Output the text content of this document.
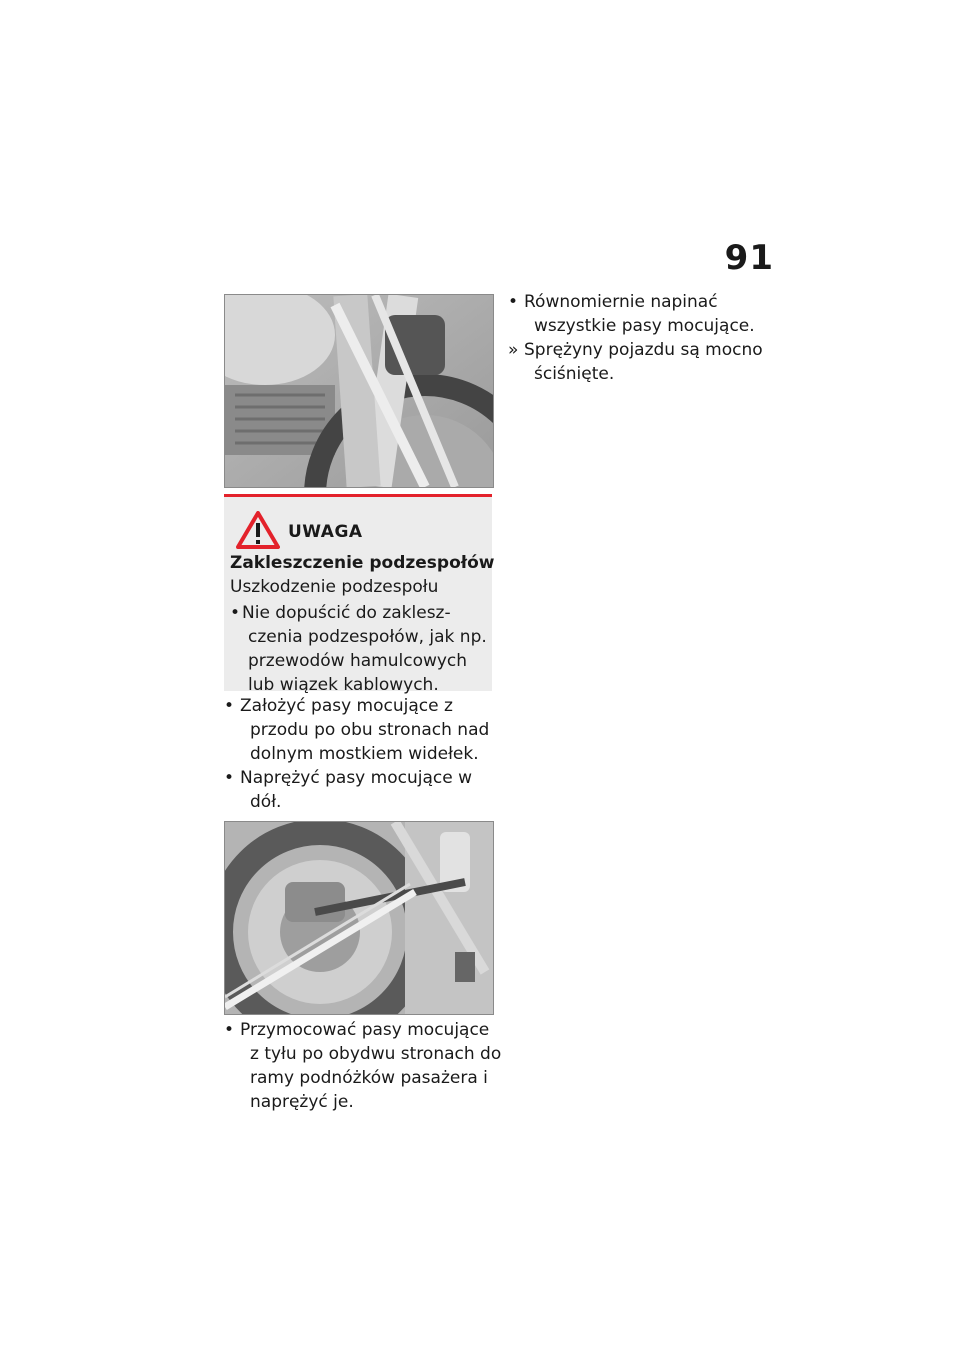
91
UWAGA
Zakleszczenie podzespołów
Uszkodzenie podzespołu
• Nie dopuścić do zaklesz-
czenia podzespołów, jak np.
przewodów hamulcowych
lub wiązek kablowych.
• Założyć pasy mocujące z
przodu po obu stronach nad
dolnym mostkiem widełek.
• Naprężyć pasy mocujące w
dół.
• Przymocować pasy mocujące
z tyłu po obydwu stronach do
ramy podnóżków pasażera i
naprężyć je.
• Równomiernie napinać
wszystkie pasy mocujące.
» Sprężyny pojazdu są mocno
ściśnięte.
